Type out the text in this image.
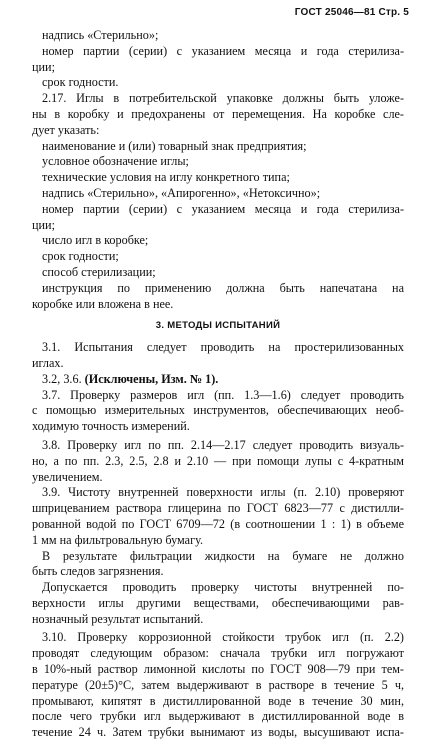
ГОСТ 25046—81 Стр. 5

надпись «Стерильно»;

номер партии (серии) с указанием месяца и года стерилиза-

ции;

срок годности.

2.17. Иглы в потребительской упаковке должны быть уложе-

ны в коробку и предохранены от перемещения. На коробке сле-

дует указать:

наименование и (или) товарный знак предприятия;

условное обозначение иглы;

технические условия на иглу конкретного типа;

надпись «Стерильно», «Апирогенно», «Нетоксично»;

номер партии (серии) с указанием месяца и года стерилиза-

ции;

число игл в коробке;

срок годности;

способ стерилизации;

инструкция по применению должна быть напечатана на

коробке или вложена в нее.

3. МЕТОДЫ ИСПЫТАНИЙ

3.1. Испытания следует проводить на простерилизованных

иглах.

3.2, 3.6. (Исключены, Изм. № 1).

3.7. Проверку размеров игл (пп. 1.3—1.6) следует проводить

с помощью измерительных инструментов, обеспечивающих необ-

ходимую точность измерений.

3.8. Проверку игл по пп. 2.14—2.17 следует проводить визуаль-

но, а по пп. 2.3, 2.5, 2.8 и 2.10 — при помощи лупы с 4-кратным

увеличением.

3.9. Чистоту внутренней поверхности иглы (п. 2.10) проверяют

шприцеванием раствора глицерина по ГОСТ 6823—77 с дистилли-

рованной водой по ГОСТ 6709—72 (в соотношении 1 : 1) в объеме

1 мм на фильтровальную бумагу.

В результате фильтрации жидкости на бумаге не должно

быть следов загрязнения.

Допускается проводить проверку чистоты внутренней по-

верхности иглы другими веществами, обеспечивающими рав-

нозначный результат испытаний.

3.10. Проверку коррозионной стойкости трубок игл (п. 2.2)

проводят следующим образом: сначала трубки игл погружают

в 10%-ный раствор лимонной кислоты по ГОСТ 908—79 при тем-

пературе (20±5)°С, затем выдерживают в растворе в течение 5 ч,

промывают, кипятят в дистиллированной воде в течение 30 мин,

после чего трубки игл выдерживают в дистиллированной воде в

течение 24 ч. Затем трубки вынимают из воды, высушивают испа-
